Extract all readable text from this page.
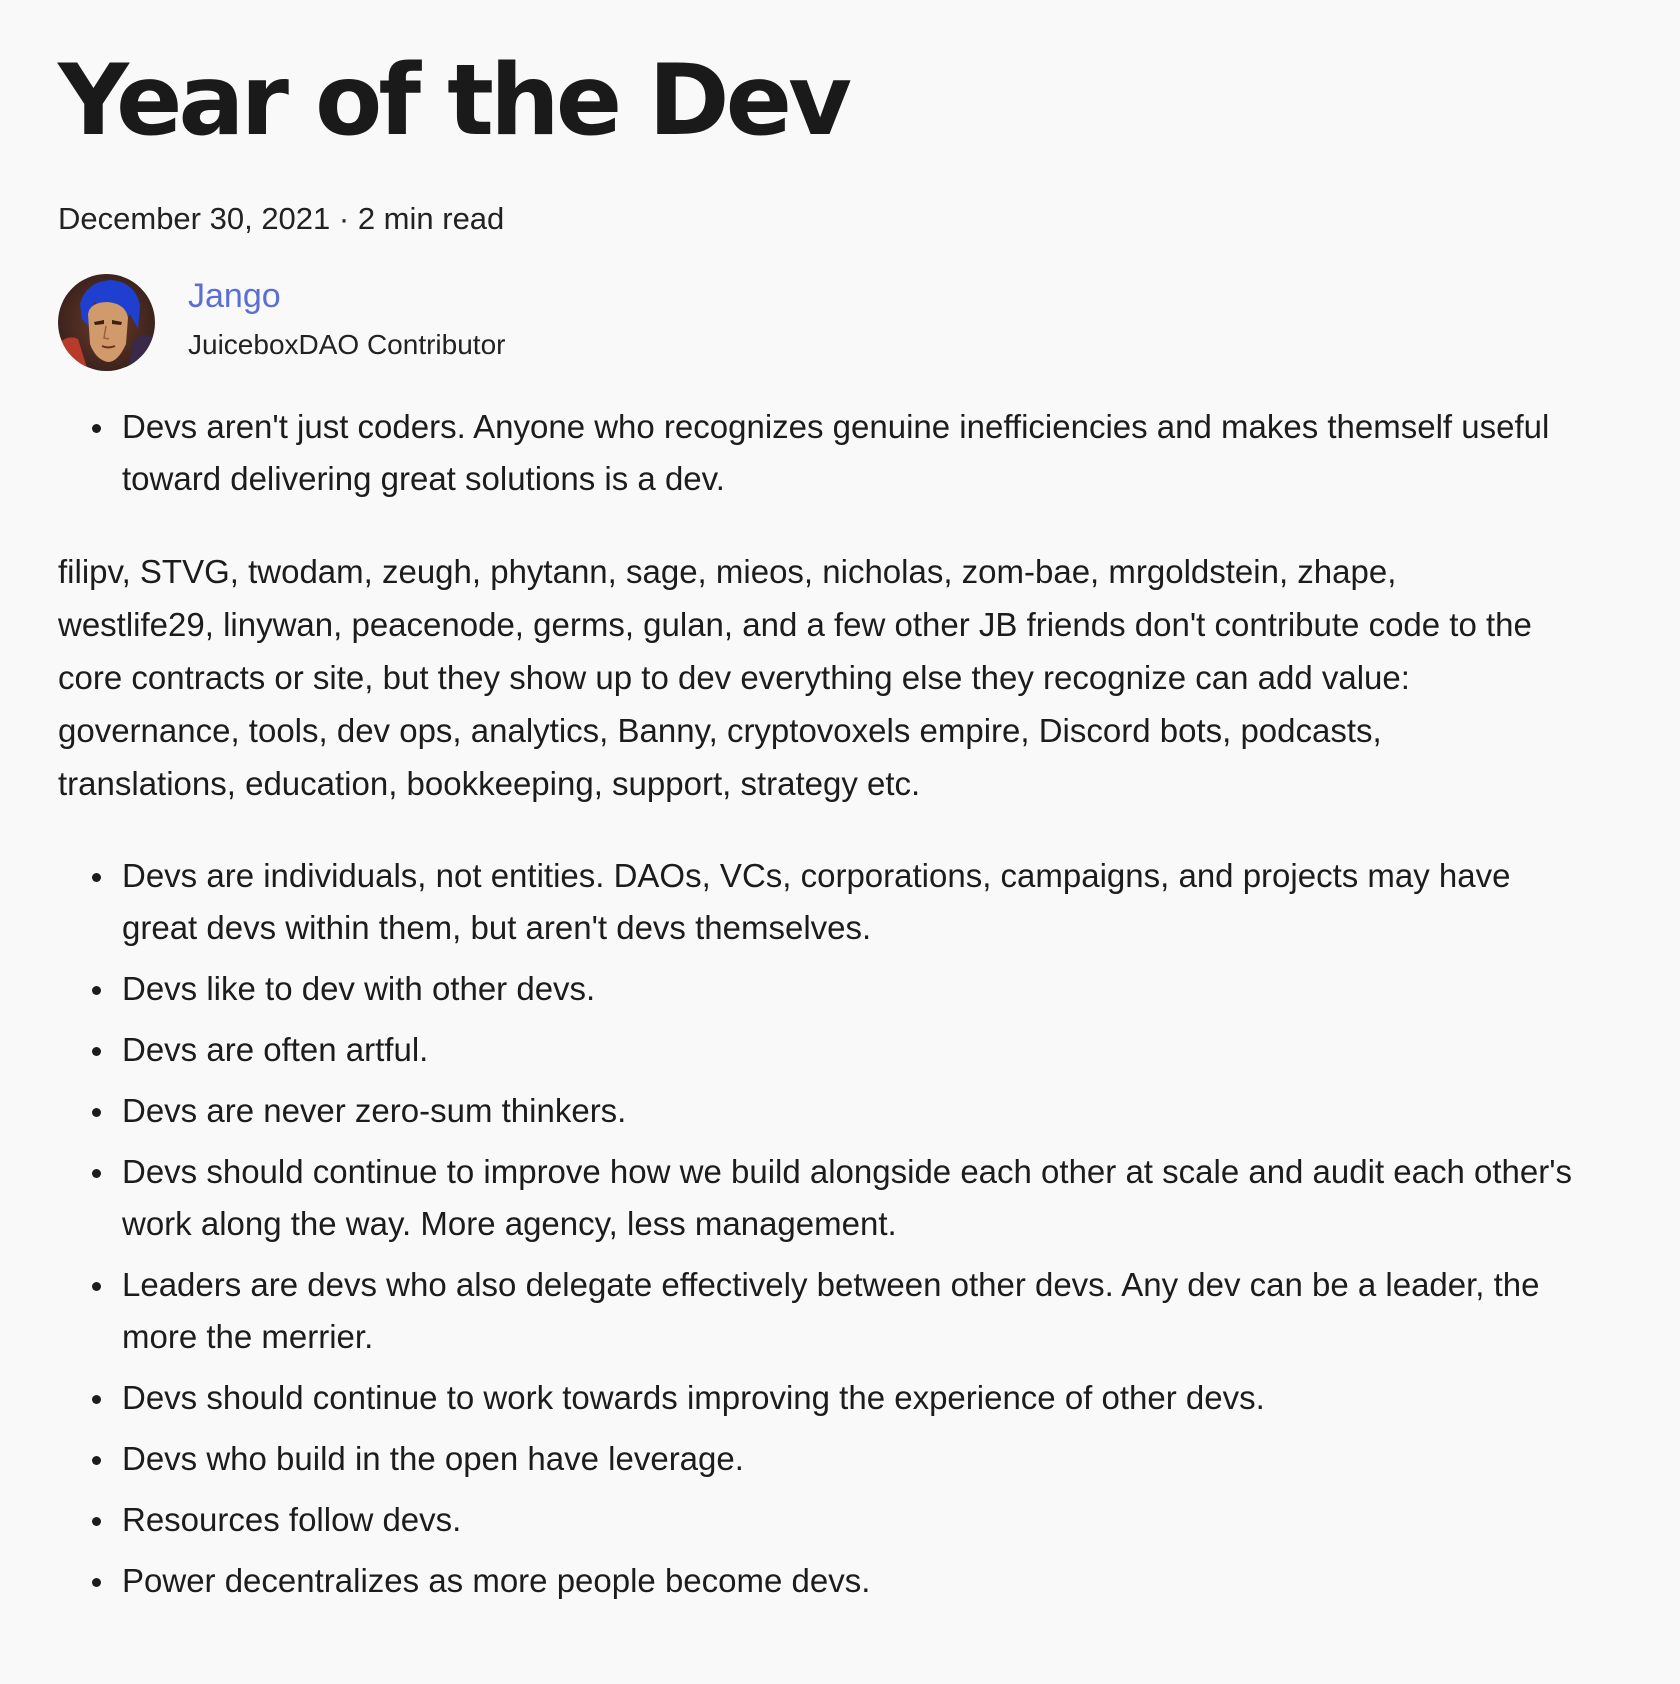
Year of the Dev
December 30, 2021 · 2 min read
Jango
JuiceboxDAO Contributor
Devs aren't just coders. Anyone who recognizes genuine inefficiencies and makes themself useful toward delivering great solutions is a dev.

filipv, STVG, twodam, zeugh, phytann, sage, mieos, nicholas, zom-bae, mrgoldstein, zhape, westlife29, linywan, peacenode, germs, gulan, and a few other JB friends don't contribute code to the core contracts or site, but they show up to dev everything else they recognize can add value: governance, tools, dev ops, analytics, Banny, cryptovoxels empire, Discord bots, podcasts, translations, education, bookkeeping, support, strategy etc.

Devs are individuals, not entities. DAOs, VCs, corporations, campaigns, and projects may have great devs within them, but aren't devs themselves.
Devs like to dev with other devs.
Devs are often artful.
Devs are never zero-sum thinkers.
Devs should continue to improve how we build alongside each other at scale and audit each other's work along the way. More agency, less management.
Leaders are devs who also delegate effectively between other devs. Any dev can be a leader, the more the merrier.
Devs should continue to work towards improving the experience of other devs.
Devs who build in the open have leverage.
Resources follow devs.
Power decentralizes as more people become devs.
